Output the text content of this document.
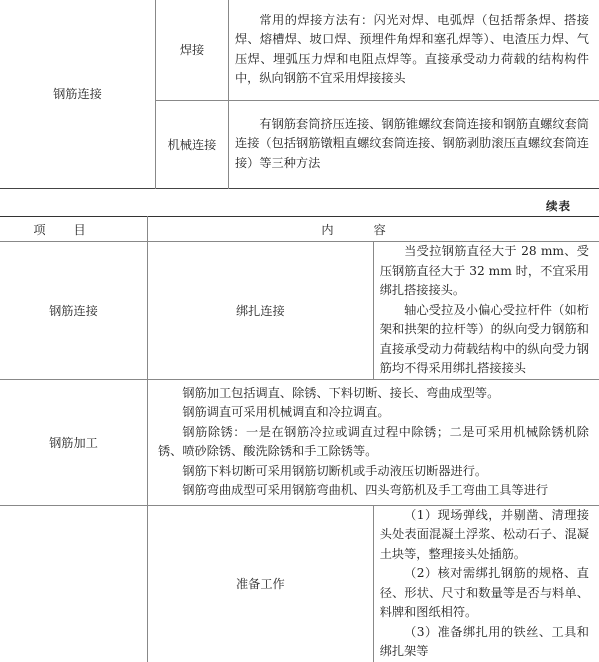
钢筋连接	焊接	常用的焊接方法有：闪光对焊、电弧焊（包括帮条焊、搭接焊、熔槽焊、坡口焊、预埋件角焊和塞孔焊等）、电渣压力焊、气压焊、埋弧压力焊和电阻点焊等。直接承受动力荷载的结构构件中，纵向钢筋不宜采用焊接接头

	机械连接	有钢筋套筒挤压连接、钢筋锥螺纹套筒连接和钢筋直螺纹套筒连接（包括钢筋镦粗直螺纹套筒连接、钢筋剥肋滚压直螺纹套筒连接）等三种方法
续表
项目	内容	
钢筋连接	绑扎连接	当受拉钢筋直径大于 28 mm、受压钢筋直径大于 32 mm 时，不宜采用绑扎搭接接头。

轴心受拉及小偏心受拉杆件（如桁架和拱架的拉杆等）的纵向受力钢筋和直接承受动力荷载结构中的纵向受力钢筋均不得采用绑扎搭接接头

钢筋加工	钢筋加工包括调直、除锈、下料切断、接长、弯曲成型等。

钢筋调直可采用机械调直和冷拉调直。

钢筋除锈：一是在钢筋冷拉或调直过程中除锈；二是可采用机械除锈机除锈、喷砂除锈、酸洗除锈和手工除锈等。

钢筋下料切断可采用钢筋切断机或手动液压切断器进行。

钢筋弯曲成型可采用钢筋弯曲机、四头弯筋机及手工弯曲工具等进行	

	准备工作	（1）现场弹线，并剔凿、清理接头处表面混凝土浮浆、松动石子、混凝土块等，整理接头处插筋。

（2）核对需绑扎钢筋的规格、直径、形状、尺寸和数量等是否与料单、料牌和图纸相符。

（3）准备绑扎用的铁丝、工具和绑扎架等
